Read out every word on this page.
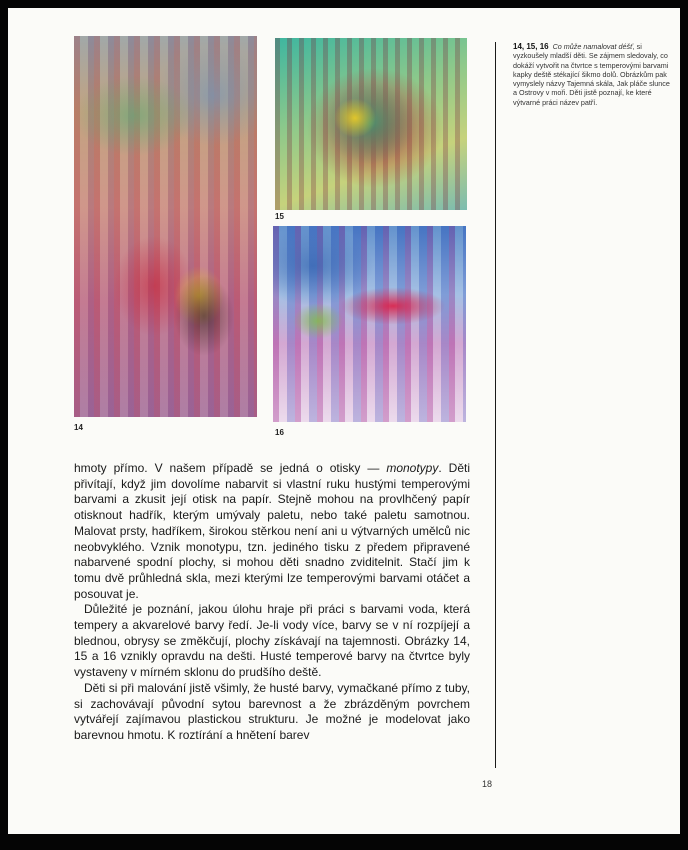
14
15
16
14, 15, 16 Co může namalovat déšť, si vyzkoušely mladší děti. Se zájmem sledovaly, co dokáží vytvořit na čtvrtce s temperovými barvami kapky deště stékající šikmo dolů. Obrázkům pak vymyslely názvy Tajemná skála, Jak pláče slunce a Ostrovy v moři. Děti jistě poznají, ke které výtvarné práci název patří.

hmoty přímo. V našem případě se jedná o otisky — monotypy. Děti přivítají, když jim dovolíme nabarvit si vlastní ruku hustými temperovými barvami a zkusit její otisk na papír. Stejně mohou na provlhčený papír otisknout hadřík, kterým umývaly paletu, nebo také paletu samotnou. Malovat prsty, hadříkem, širokou stěrkou není ani u výtvarných umělců nic neobvyklého. Vznik monotypu, tzn. jediného tisku z předem připravené nabarvené spodní plochy, si mohou děti snadno zviditelnit. Stačí jim k tomu dvě průhledná skla, mezi kterými lze temperovými barvami otáčet a posouvat je.

Důležité je poznání, jakou úlohu hraje při práci s barvami voda, která tempery a akvarelové barvy ředí. Je-li vody více, barvy se v ní rozpíjejí a blednou, obrysy se změkčují, plochy získávají na tajemnosti. Obrázky 14, 15 a 16 vznikly opravdu na dešti. Husté temperové barvy na čtvrtce byly vystaveny v mírném sklonu do prudšího deště.

Děti si při malování jistě všimly, že husté barvy, vymačkané přímo z tuby, si zachovávají původní sytou barevnost a že zbrázděným povrchem vytvářejí zajímavou plastickou strukturu. Je možné je modelovat jako barevnou hmotu. K roztírání a hnětení barev

18
